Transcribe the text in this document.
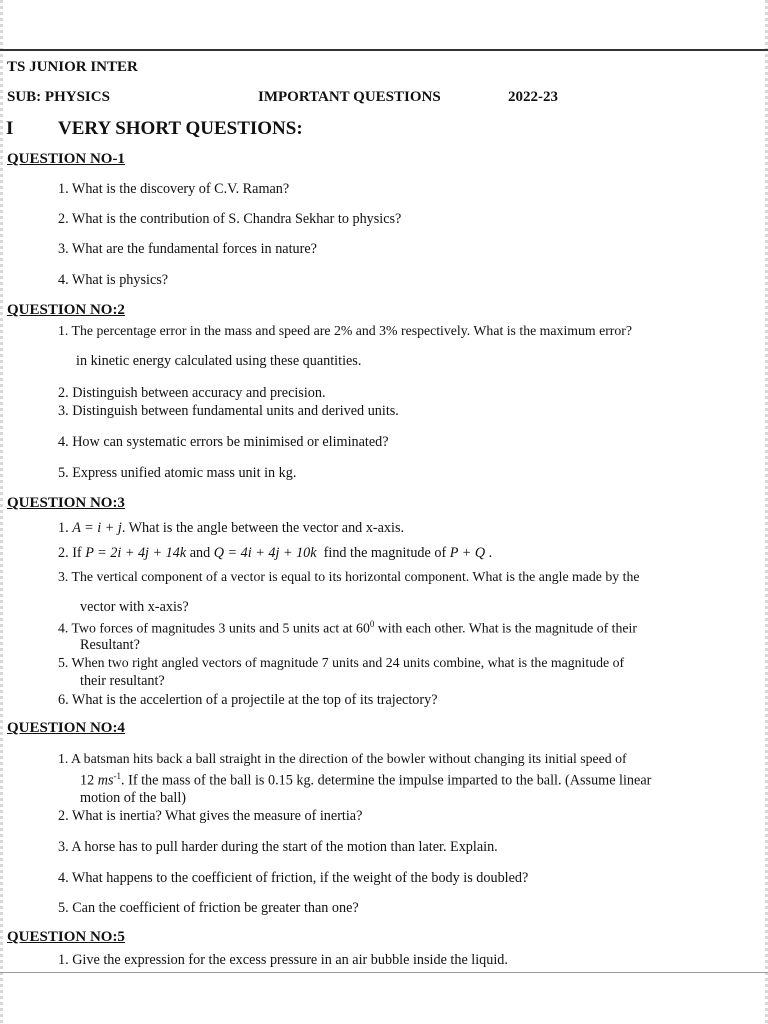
TS JUNIOR INTER
SUB: PHYSICS	IMPORTANT QUESTIONS	2022-23
I VERY SHORT QUESTIONS:
QUESTION NO-1
1. What is the discovery of C.V. Raman?
2. What is the contribution of S. Chandra Sekhar to physics?
3. What are the fundamental forces in nature?
4. What is physics?
QUESTION NO:2
1. The percentage error in the mass and speed are 2% and 3% respectively. What is the maximum error?
in kinetic energy calculated using these quantities.
2. Distinguish between accuracy and precision.
3. Distinguish between fundamental units and derived units.
4. How can systematic errors be minimised or eliminated?
5. Express unified atomic mass unit in kg.
QUESTION NO:3
1. A = i + j. What is the angle between the vector and x-axis.
2. If P = 2i + 4j + 14k and Q = 4i + 4j + 10k find the magnitude of P + Q .
3. The vertical component of a vector is equal to its horizontal component. What is the angle made by the
vector with x-axis?
4. Two forces of magnitudes 3 units and 5 units act at $60^0$ with each other. What is the magnitude of their
Resultant?
5. When two right angled vectors of magnitude 7 units and 24 units combine, what is the magnitude of
their resultant?
6. What is the accelertion of a projectile at the top of its trajectory?
QUESTION NO:4
1. A batsman hits back a ball straight in the direction of the bowler without changing its initial speed of
12 $ms^{-1}$. If the mass of the ball is 0.15 kg. determine the impulse imparted to the ball. (Assume linear
motion of the ball)
2. What is inertia? What gives the measure of inertia?
3. A horse has to pull harder during the start of the motion than later. Explain.
4. What happens to the coefficient of friction, if the weight of the body is doubled?
5. Can the coefficient of friction be greater than one?
QUESTION NO:5
1. Give the expression for the excess pressure in an air bubble inside the liquid.
